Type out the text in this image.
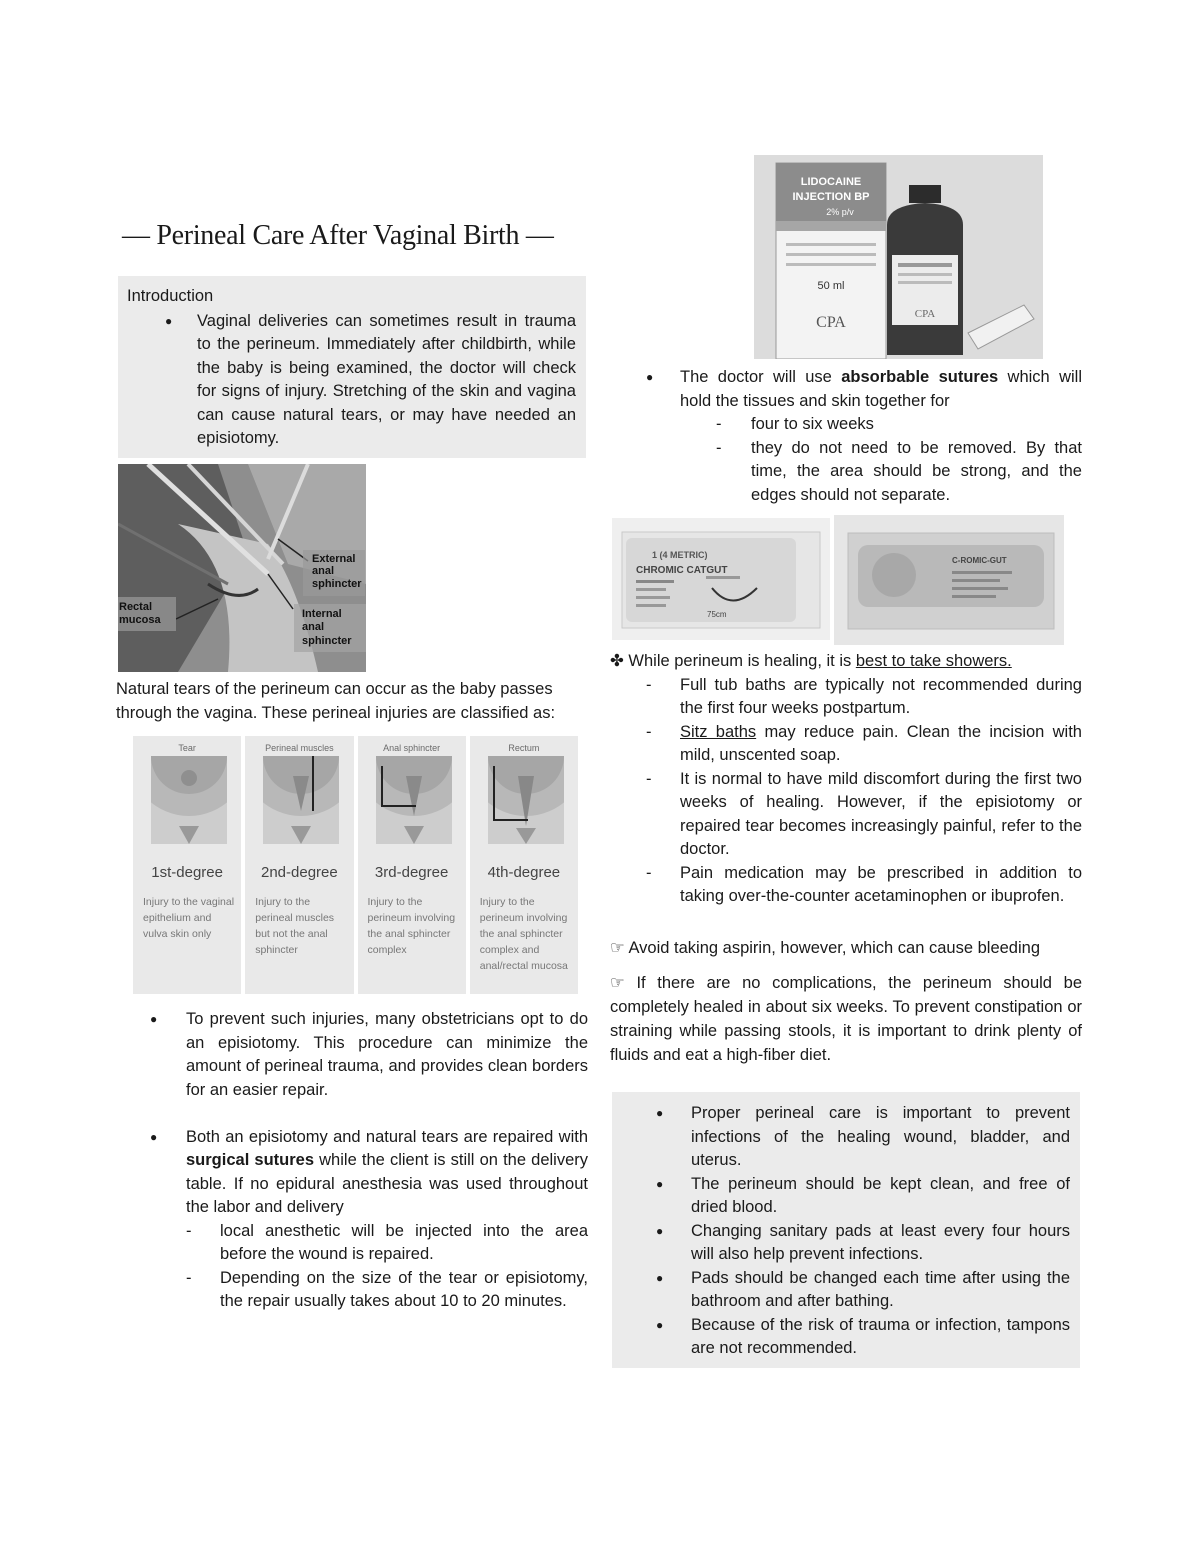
— Perineal Care After Vaginal Birth —
Introduction
●	Vaginal deliveries can sometimes result in trauma to the perineum. Immediately after childbirth, while the baby is being examined, the doctor will check for signs of injury. Stretching of the skin and vagina can cause natural tears, or may have needed an episiotomy.
External
anal
sphincter
Rectal
mucosa	Internal
anal
sphincter
Natural tears of the perineum can occur as the baby passes through the vagina. These perineal injuries are classified as:
Tear
1st-degree
Injury to the vaginal epithelium and vulva skin only
Perineal muscles
2nd-degree
Injury to the perineal muscles but not the anal sphincter
Anal sphincter
3rd-degree
Injury to the perineum involving the anal sphincter complex
Rectum
4th-degree
Injury to the perineum involving the anal sphincter complex and anal/rectal mucosa
● To prevent such injuries, many obstetricians opt to do an episiotomy. This procedure can minimize the amount of perineal trauma, and provides clean borders for an easier repair.
● Both an episiotomy and natural tears are repaired with surgical sutures while the client is still on the delivery table. If no epidural anesthesia was used throughout the labor and delivery
- local anesthetic will be injected into the area before the wound is repaired.
- Depending on the size of the tear or episiotomy, the repair usually takes about 10 to 20 minutes.
LIDOCAINE
INJECTION BP
2% p/v
50 ml
CPA	CPA
● The doctor will use absorbable sutures which will hold the tissues and skin together for
- four to six weeks
- they do not need to be removed. By that time, the area should be strong, and the edges should not separate.
1 (4 METRIC)
CHROMIC CATGUT
75cm
C-ROMIC-GUT
✤ While perineum is healing, it is best to take showers.
- Full tub baths are typically not recommended during the first four weeks postpartum.
- Sitz baths may reduce pain. Clean the incision with mild, unscented soap.
- It is normal to have mild discomfort during the first two weeks of healing. However, if the episiotomy or repaired tear becomes increasingly painful, refer to the doctor.
- Pain medication may be prescribed in addition to taking over-the-counter acetaminophen or ibuprofen.
☞ Avoid taking aspirin, however, which can cause bleeding
☞ If there are no complications, the perineum should be completely healed in about six weeks. To prevent constipation or straining while passing stools, it is important to drink plenty of fluids and eat a high-fiber diet.
● Proper perineal care is important to prevent infections of the healing wound, bladder, and uterus.
● The perineum should be kept clean, and free of dried blood.
● Changing sanitary pads at least every four hours will also help prevent infections.
● Pads should be changed each time after using the bathroom and after bathing.
● Because of the risk of trauma or infection, tampons are not recommended.
